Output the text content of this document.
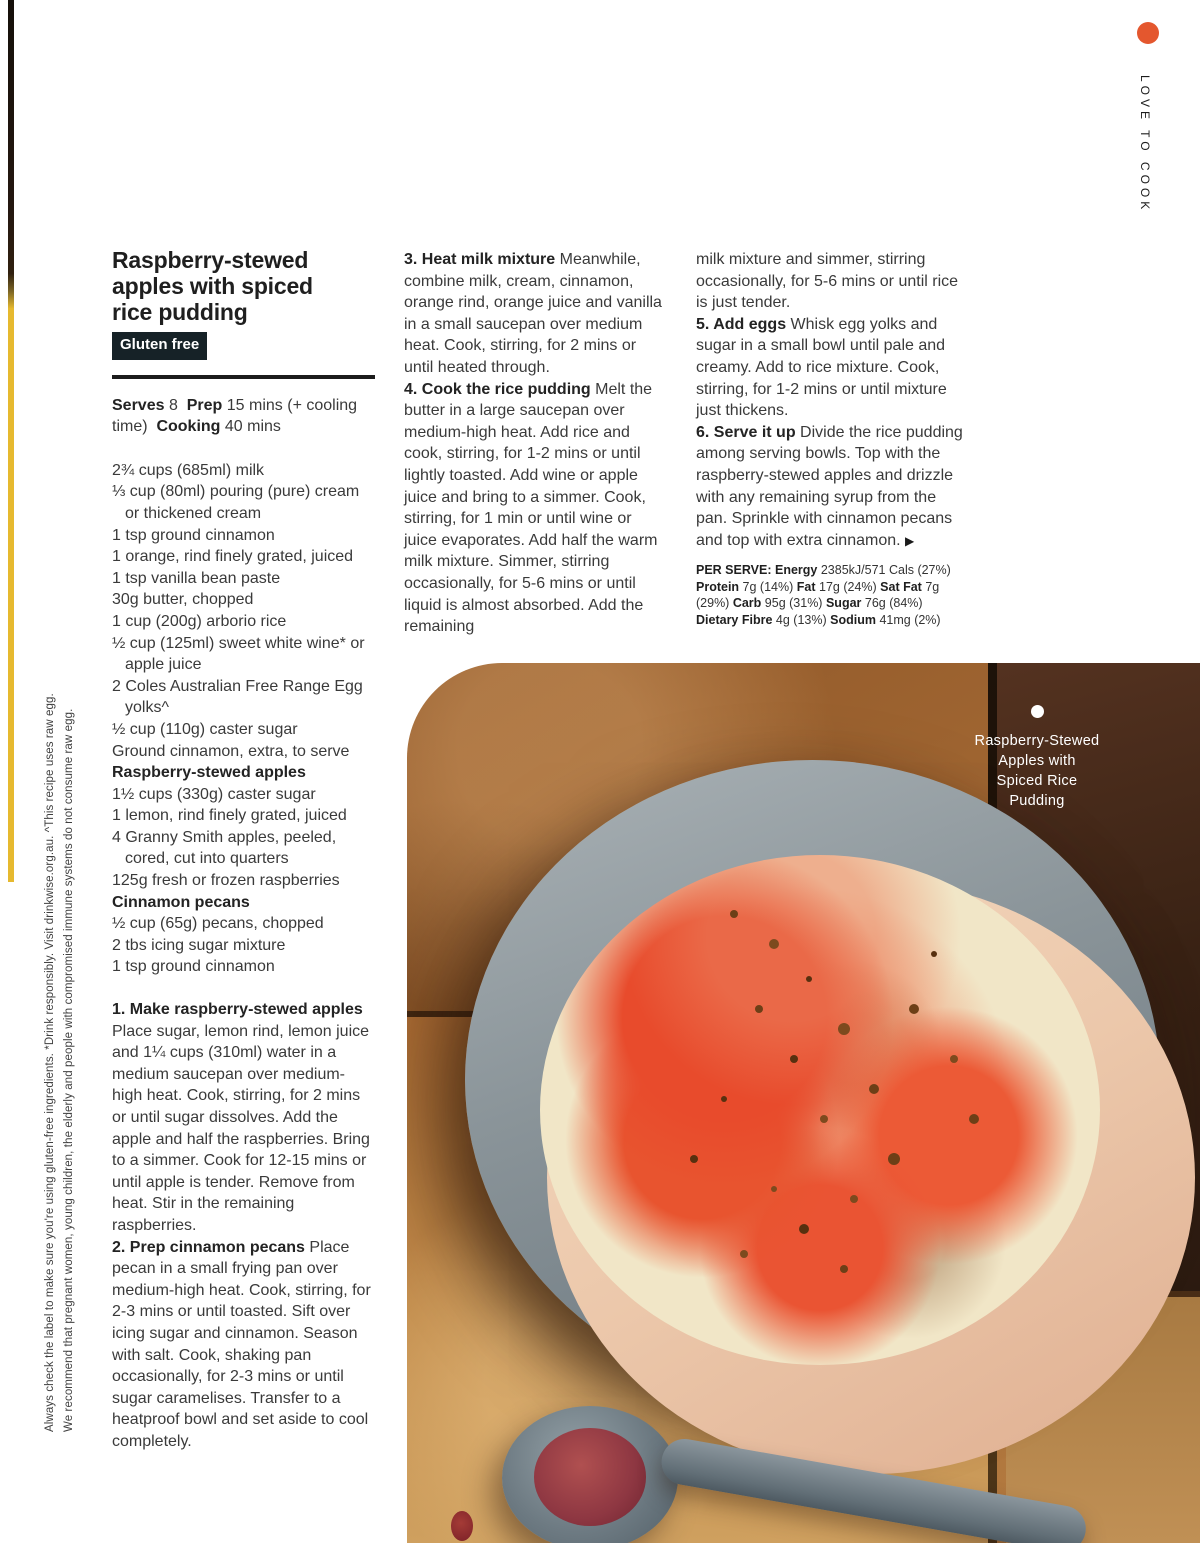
Always check the label to make sure you're using gluten-free ingredients. *Drink responsibly. Visit drinkwise.org.au. ^This recipe uses raw egg. We recommend that pregnant women, young children, the elderly and people with compromised immune systems do not consume raw egg.
LOVE TO COOK
Raspberry-stewed apples with spiced rice pudding
Gluten free

Serves 8 Prep 15 mins (+ cooling time) Cooking 40 mins

2¾ cups (685ml) milk
⅓ cup (80ml) pouring (pure) cream or thickened cream
1 tsp ground cinnamon
1 orange, rind finely grated, juiced
1 tsp vanilla bean paste
30g butter, chopped
1 cup (200g) arborio rice
½ cup (125ml) sweet white wine* or apple juice
2 Coles Australian Free Range Egg yolks^
½ cup (110g) caster sugar
Ground cinnamon, extra, to serve
Raspberry-stewed apples
1½ cups (330g) caster sugar
1 lemon, rind finely grated, juiced
4 Granny Smith apples, peeled, cored, cut into quarters
125g fresh or frozen raspberries
Cinnamon pecans
½ cup (65g) pecans, chopped
2 tbs icing sugar mixture
1 tsp ground cinnamon

1. Make raspberry-stewed apples Place sugar, lemon rind, lemon juice and 1¼ cups (310ml) water in a medium saucepan over medium-high heat. Cook, stirring, for 2 mins or until sugar dissolves. Add the apple and half the raspberries. Bring to a simmer. Cook for 12-15 mins or until apple is tender. Remove from heat. Stir in the remaining raspberries.

2. Prep cinnamon pecans Place pecan in a small frying pan over medium-high heat. Cook, stirring, for 2-3 mins or until toasted. Sift over icing sugar and cinnamon. Season with salt. Cook, shaking pan occasionally, for 2-3 mins or until sugar caramelises. Transfer to a heatproof bowl and set aside to cool completely.

3. Heat milk mixture Meanwhile, combine milk, cream, cinnamon, orange rind, orange juice and vanilla in a small saucepan over medium heat. Cook, stirring, for 2 mins or until heated through.

4. Cook the rice pudding Melt the butter in a large saucepan over medium-high heat. Add rice and cook, stirring, for 1-2 mins or until lightly toasted. Add wine or apple juice and bring to a simmer. Cook, stirring, for 1 min or until wine or juice evaporates. Add half the warm milk mixture. Simmer, stirring occasionally, for 5-6 mins or until liquid is almost absorbed. Add the remaining

milk mixture and simmer, stirring occasionally, for 5-6 mins or until rice is just tender.

5. Add eggs Whisk egg yolks and sugar in a small bowl until pale and creamy. Add to rice mixture. Cook, stirring, for 1-2 mins or until mixture just thickens.

6. Serve it up Divide the rice pudding among serving bowls. Top with the raspberry-stewed apples and drizzle with any remaining syrup from the pan. Sprinkle with cinnamon pecans and top with extra cinnamon. ▶

PER SERVE: Energy 2385kJ/571 Cals (27%) Protein 7g (14%) Fat 17g (24%) Sat Fat 7g (29%) Carb 95g (31%) Sugar 76g (84%) Dietary Fibre 4g (13%) Sodium 41mg (2%)

Raspberry-Stewed
Apples with
Spiced Rice
Pudding
